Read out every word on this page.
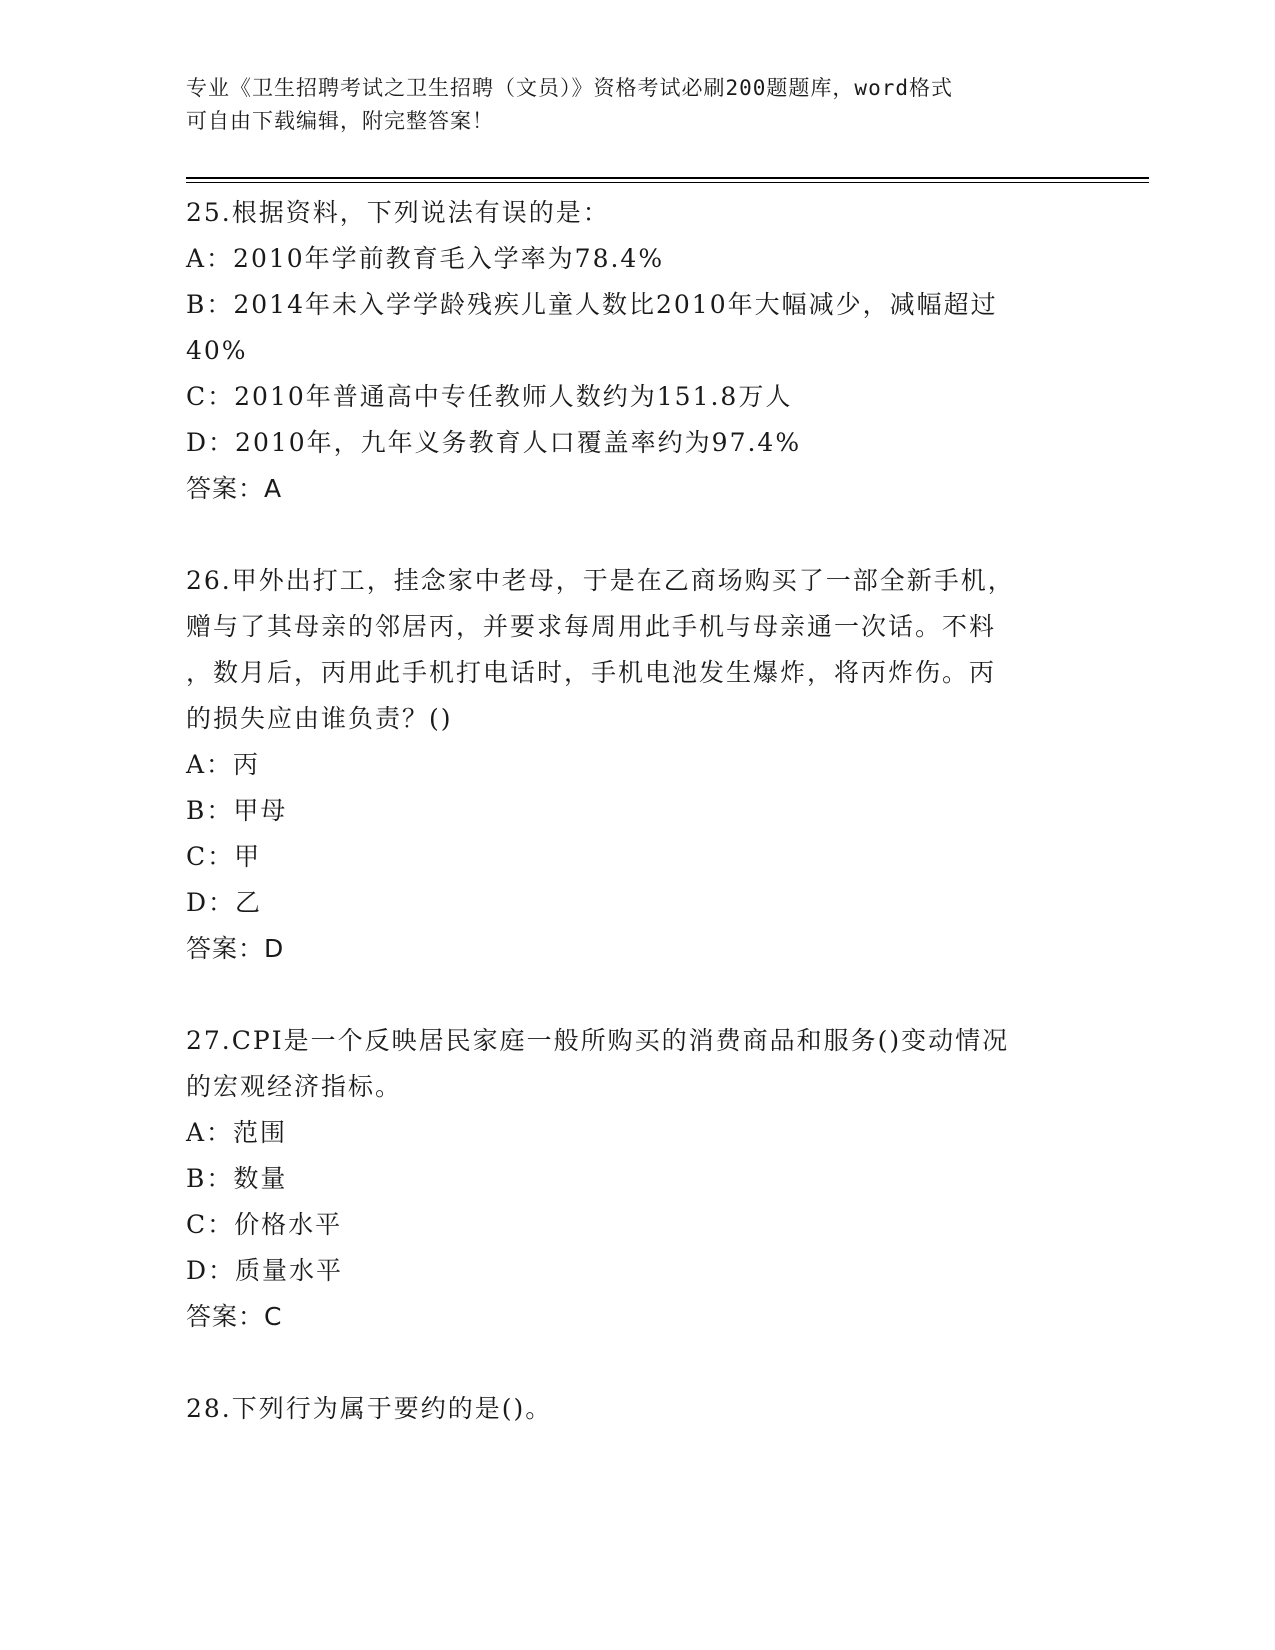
专业《卫生招聘考试之卫生招聘（文员）》资格考试必刷200题题库，word格式
可自由下载编辑，附完整答案！
25.根据资料，下列说法有误的是：
A：2010年学前教育毛入学率为78.4%
B：2014年未入学学龄残疾儿童人数比2010年大幅减少，减幅超过
40%
C：2010年普通高中专任教师人数约为151.8万人
D：2010年，九年义务教育人口覆盖率约为97.4%
答案：A
26.甲外出打工，挂念家中老母，于是在乙商场购买了一部全新手机，
赠与了其母亲的邻居丙，并要求每周用此手机与母亲通一次话。不料
，数月后，丙用此手机打电话时，手机电池发生爆炸，将丙炸伤。丙
的损失应由谁负责？()
A：丙
B：甲母
C：甲
D：乙
答案：D
27.CPI是一个反映居民家庭一般所购买的消费商品和服务()变动情况
的宏观经济指标。
A：范围
B：数量
C：价格水平
D：质量水平
答案：C
28.下列行为属于要约的是()。
